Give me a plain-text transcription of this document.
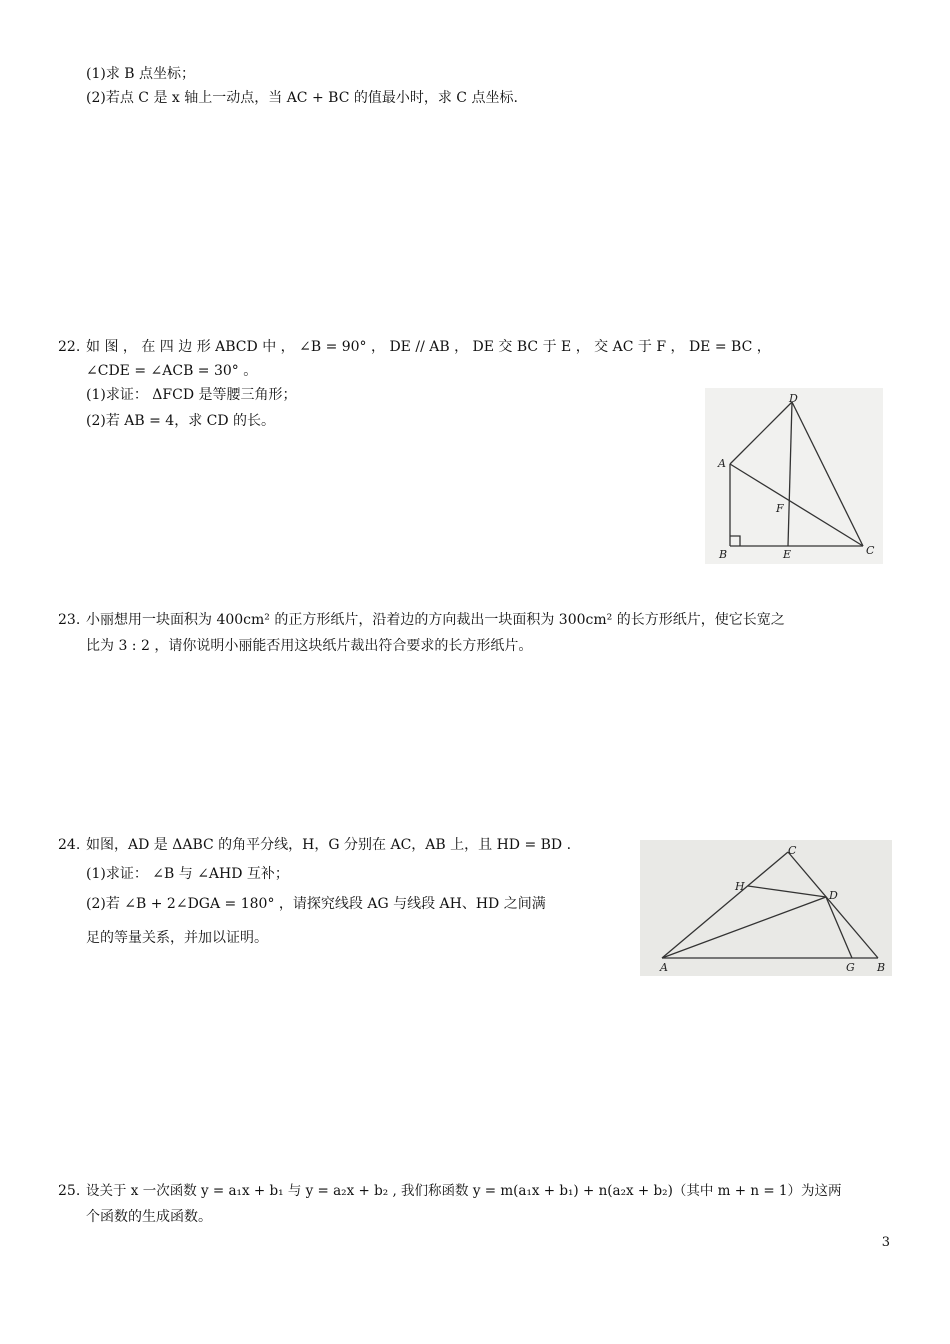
(1)求 B 点坐标；
(2)若点 C 是 x 轴上一动点，当 AC + BC 的值最小时，求 C 点坐标.
22. 如 图 ， 在 四 边 形 ABCD 中 ， ∠B = 90° ， DE // AB ， DE 交 BC 于 E ， 交 AC 于 F ， DE = BC ，
∠CDE = ∠ACB = 30° 。
(1)求证： ΔFCD 是等腰三角形；
(2)若 AB = 4，求 CD 的长。
D
A
F
B	E	C
23. 小丽想用一块面积为 400cm² 的正方形纸片，沿着边的方向裁出一块面积为 300cm² 的长方形纸片，使它长宽之
比为 3 : 2 ，请你说明小丽能否用这块纸片裁出符合要求的长方形纸片。
24. 如图，AD 是 ΔABC 的角平分线，H，G 分别在 AC，AB 上，且 HD = BD .
(1)求证： ∠B 与 ∠AHD 互补；
(2)若 ∠B + 2∠DGA = 180° ，请探究线段 AG 与线段 AH、HD 之间满
足的等量关系，并加以证明。
C
H
D
A	G B
25. 设关于 x 一次函数 y = a₁x + b₁ 与 y = a₂x + b₂ , 我们称函数 y = m(a₁x + b₁) + n(a₂x + b₂)（其中 m + n = 1）为这两
个函数的生成函数。
3
